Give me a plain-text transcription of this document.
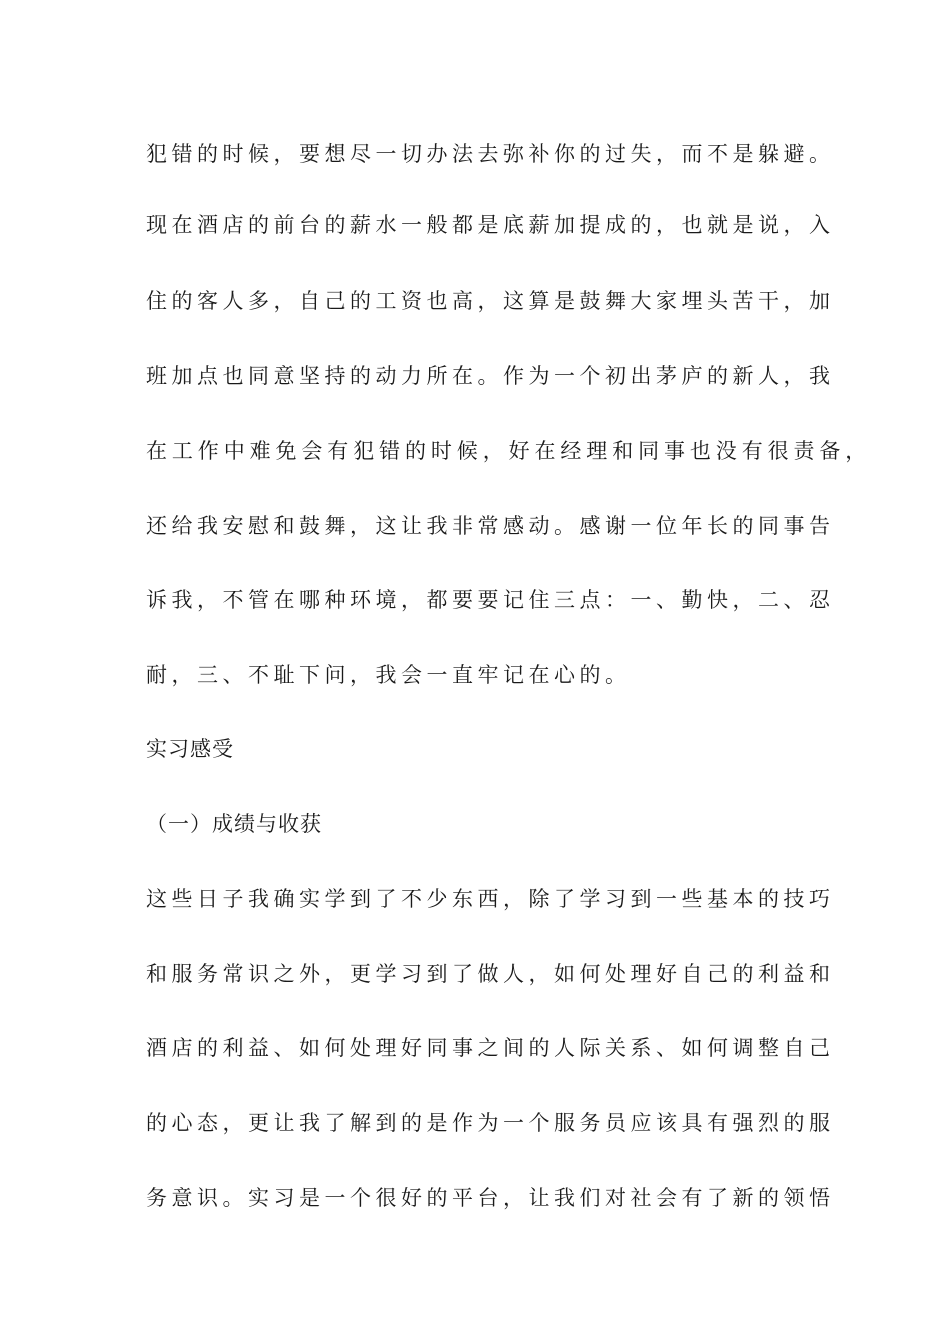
犯错的时候，要想尽一切办法去弥补你的过失，而不是躲避。
现在酒店的前台的薪水一般都是底薪加提成的，也就是说，入
住的客人多，自己的工资也高，这算是鼓舞大家埋头苦干，加
班加点也同意坚持的动力所在。作为一个初出茅庐的新人，我
在工作中难免会有犯错的时候，好在经理和同事也没有很责备，
还给我安慰和鼓舞，这让我非常感动。感谢一位年长的同事告
诉我，不管在哪种环境，都要要记住三点：一、勤快，二、忍
耐，三、不耻下问，我会一直牢记在心的。
实习感受
（一）成绩与收获
这些日子我确实学到了不少东西，除了学习到一些基本的技巧
和服务常识之外，更学习到了做人，如何处理好自己的利益和
酒店的利益、如何处理好同事之间的人际关系、如何调整自己
的心态，更让我了解到的是作为一个服务员应该具有强烈的服
务意识。实习是一个很好的平台，让我们对社会有了新的领悟
